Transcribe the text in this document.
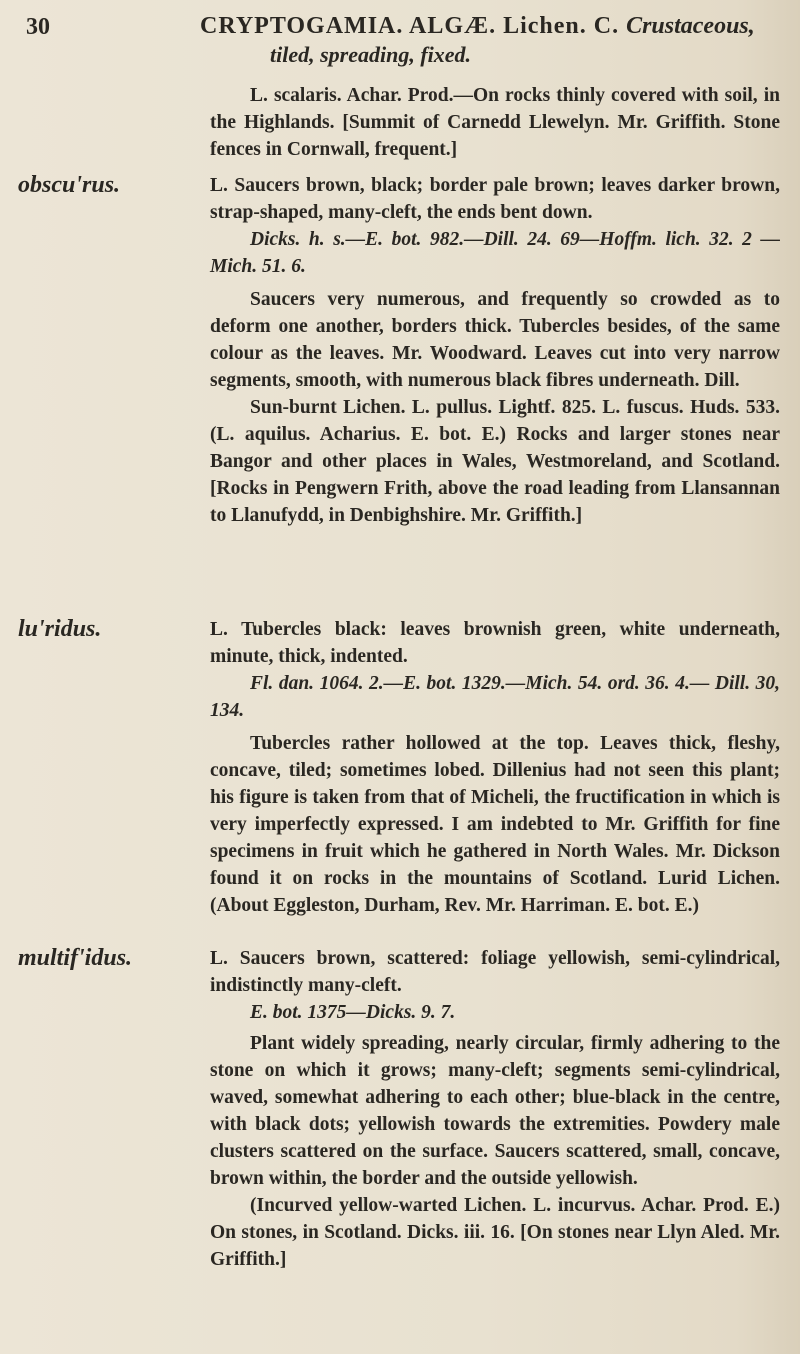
30	CRYPTOGAMIA. ALGÆ. Lichen. C. Crustaceous,
tiled, spreading, fixed.

L. scalaris. Achar. Prod.—On rocks thinly covered with soil, in the Highlands. [Summit of Carnedd Llewelyn. Mr. Griffith. Stone fences in Cornwall, frequent.]

obscu'rus.	L. Saucers brown, black; border pale brown; leaves darker brown, strap-shaped, many-cleft, the ends bent down.

Dicks. h. s.—E. bot. 982.—Dill. 24. 69—Hoffm. lich. 32. 2 —Mich. 51. 6.

Saucers very numerous, and frequently so crowded as to deform one another, borders thick. Tubercles besides, of the same colour as the leaves. Mr. Woodward. Leaves cut into very narrow segments, smooth, with numerous black fibres underneath. Dill.

Sun-burnt Lichen. L. pullus. Lightf. 825. L. fuscus. Huds. 533. (L. aquilus. Acharius. E. bot. E.) Rocks and larger stones near Bangor and other places in Wales, Westmoreland, and Scotland. [Rocks in Pengwern Frith, above the road leading from Llansannan to Llanufydd, in Denbighshire. Mr. Griffith.]

lu'ridus.	L. Tubercles black: leaves brownish green, white underneath, minute, thick, indented.

Fl. dan. 1064. 2.—E. bot. 1329.—Mich. 54. ord. 36. 4.— Dill. 30, 134.

Tubercles rather hollowed at the top. Leaves thick, fleshy, concave, tiled; sometimes lobed. Dillenius had not seen this plant; his figure is taken from that of Micheli, the fructification in which is very imperfectly expressed. I am indebted to Mr. Griffith for fine specimens in fruit which he gathered in North Wales. Mr. Dickson found it on rocks in the mountains of Scotland. Lurid Lichen. (About Eggleston, Durham, Rev. Mr. Harriman. E. bot. E.)

multif'idus.	L. Saucers brown, scattered: foliage yellowish, semi-cylindrical, indistinctly many-cleft.

E. bot. 1375—Dicks. 9. 7.

Plant widely spreading, nearly circular, firmly adhering to the stone on which it grows; many-cleft; segments semi-cylindrical, waved, somewhat adhering to each other; blue-black in the centre, with black dots; yellowish towards the extremities. Powdery male clusters scattered on the surface. Saucers scattered, small, concave, brown within, the border and the outside yellowish.

(Incurved yellow-warted Lichen. L. incurvus. Achar. Prod. E.) On stones, in Scotland. Dicks. iii. 16. [On stones near Llyn Aled. Mr. Griffith.]
